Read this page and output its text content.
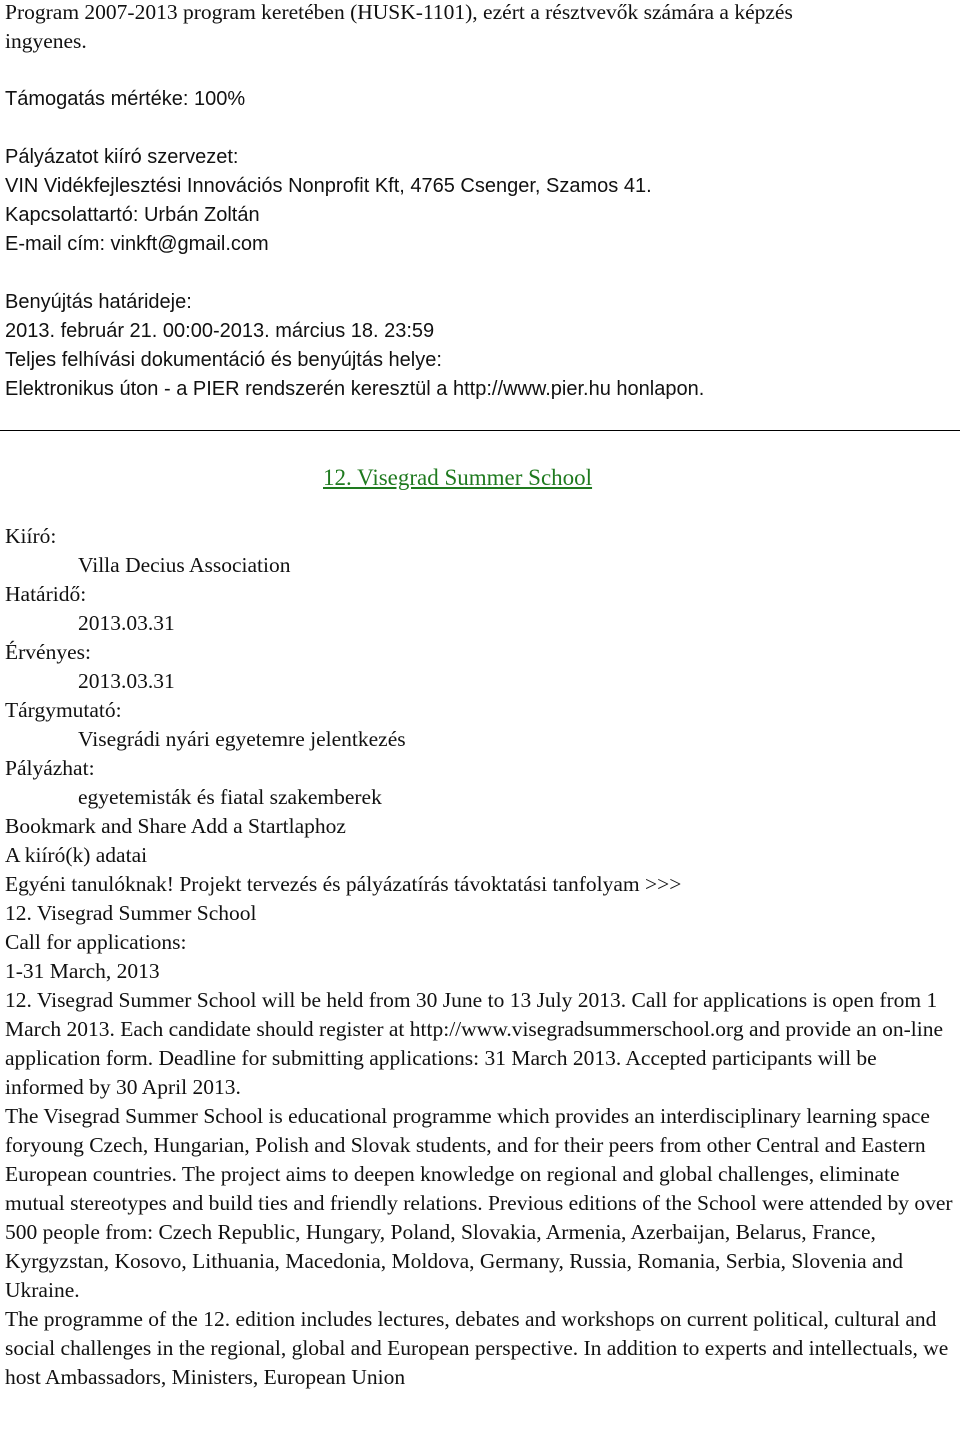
Program 2007-2013 program keretében (HUSK-1101), ezért a résztvevők számára a képzés
ingyenes.
Támogatás mértéke: 100%
Pályázatot kiíró szervezet:
VIN Vidékfejlesztési Innovációs Nonprofit Kft, 4765 Csenger, Szamos 41.
Kapcsolattartó: Urbán Zoltán
E-mail cím: vinkft@gmail.com
Benyújtás határideje:
2013. február 21. 00:00-2013. március 18. 23:59
Teljes felhívási dokumentáció és benyújtás helye:
Elektronikus úton - a PIER rendszerén keresztül a http://www.pier.hu honlapon.
12. Visegrad Summer School
Kiíró:
Villa Decius Association
Határidő:
2013.03.31
Érvényes:
2013.03.31
Tárgymutató:
Visegrádi nyári egyetemre jelentkezés
Pályázhat:
egyetemisták és fiatal szakemberek
Bookmark and Share Add a Startlaphoz
A kiíró(k) adatai
Egyéni tanulóknak! Projekt tervezés és pályázatírás távoktatási tanfolyam >>>
12. Visegrad Summer School
Call for applications:
1-31 March, 2013
12. Visegrad Summer School will be held from 30 June to 13 July 2013. Call for applications is open from 1 March 2013. Each candidate should register at http://www.visegradsummerschool.org and provide an on-line application form. Deadline for submitting applications: 31 March 2013. Accepted participants will be informed by 30 April 2013.
The Visegrad Summer School is educational programme which provides an interdisciplinary learning space foryoung Czech, Hungarian, Polish and Slovak students, and for their peers from other Central and Eastern European countries. The project aims to deepen knowledge on regional and global challenges, eliminate mutual stereotypes and build ties and friendly relations. Previous editions of the School were attended by over 500 people from: Czech Republic, Hungary, Poland, Slovakia, Armenia, Azerbaijan, Belarus, France, Kyrgyzstan, Kosovo, Lithuania, Macedonia, Moldova, Germany, Russia, Romania, Serbia, Slovenia and Ukraine.
The programme of the 12. edition includes lectures, debates and workshops on current political, cultural and social challenges in the regional, global and European perspective. In addition to experts and intellectuals, we host Ambassadors, Ministers, European Union
